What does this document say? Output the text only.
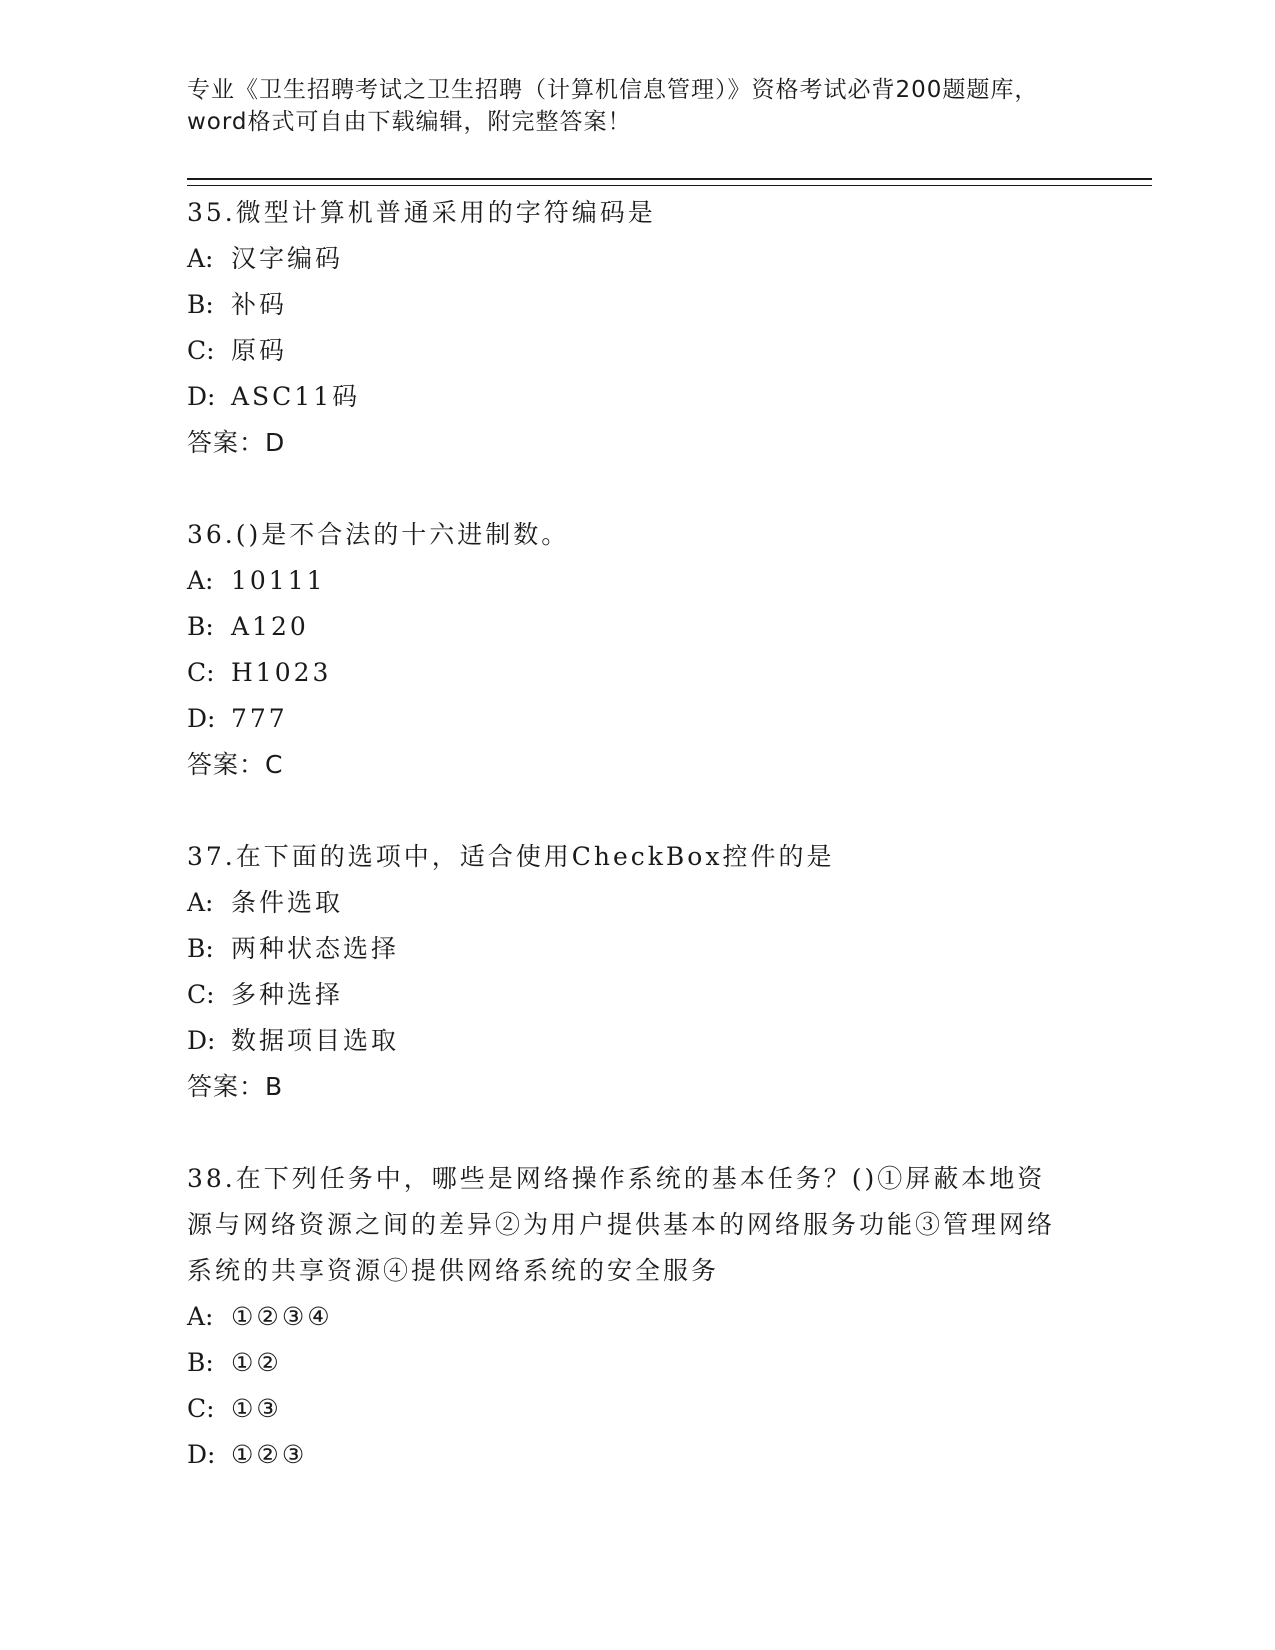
专业《卫生招聘考试之卫生招聘（计算机信息管理）》资格考试必背200题题库，
word格式可自由下载编辑，附完整答案！
35.微型计算机普通采用的字符编码是
A: 汉字编码
B: 补码
C: 原码
D: ASC11码
答案：D
36.()是不合法的十六进制数。
A: 10111
B: A120
C: H1023
D: 777
答案：C
37.在下面的选项中，适合使用CheckBox控件的是
A: 条件选取
B: 两种状态选择
C: 多种选择
D: 数据项目选取
答案：B
38.在下列任务中，哪些是网络操作系统的基本任务？()①屏蔽本地资源与网络资源之间的差异②为用户提供基本的网络服务功能③管理网络系统的共享资源④提供网络系统的安全服务
A: ①②③④
B: ①②
C: ①③
D: ①②③
